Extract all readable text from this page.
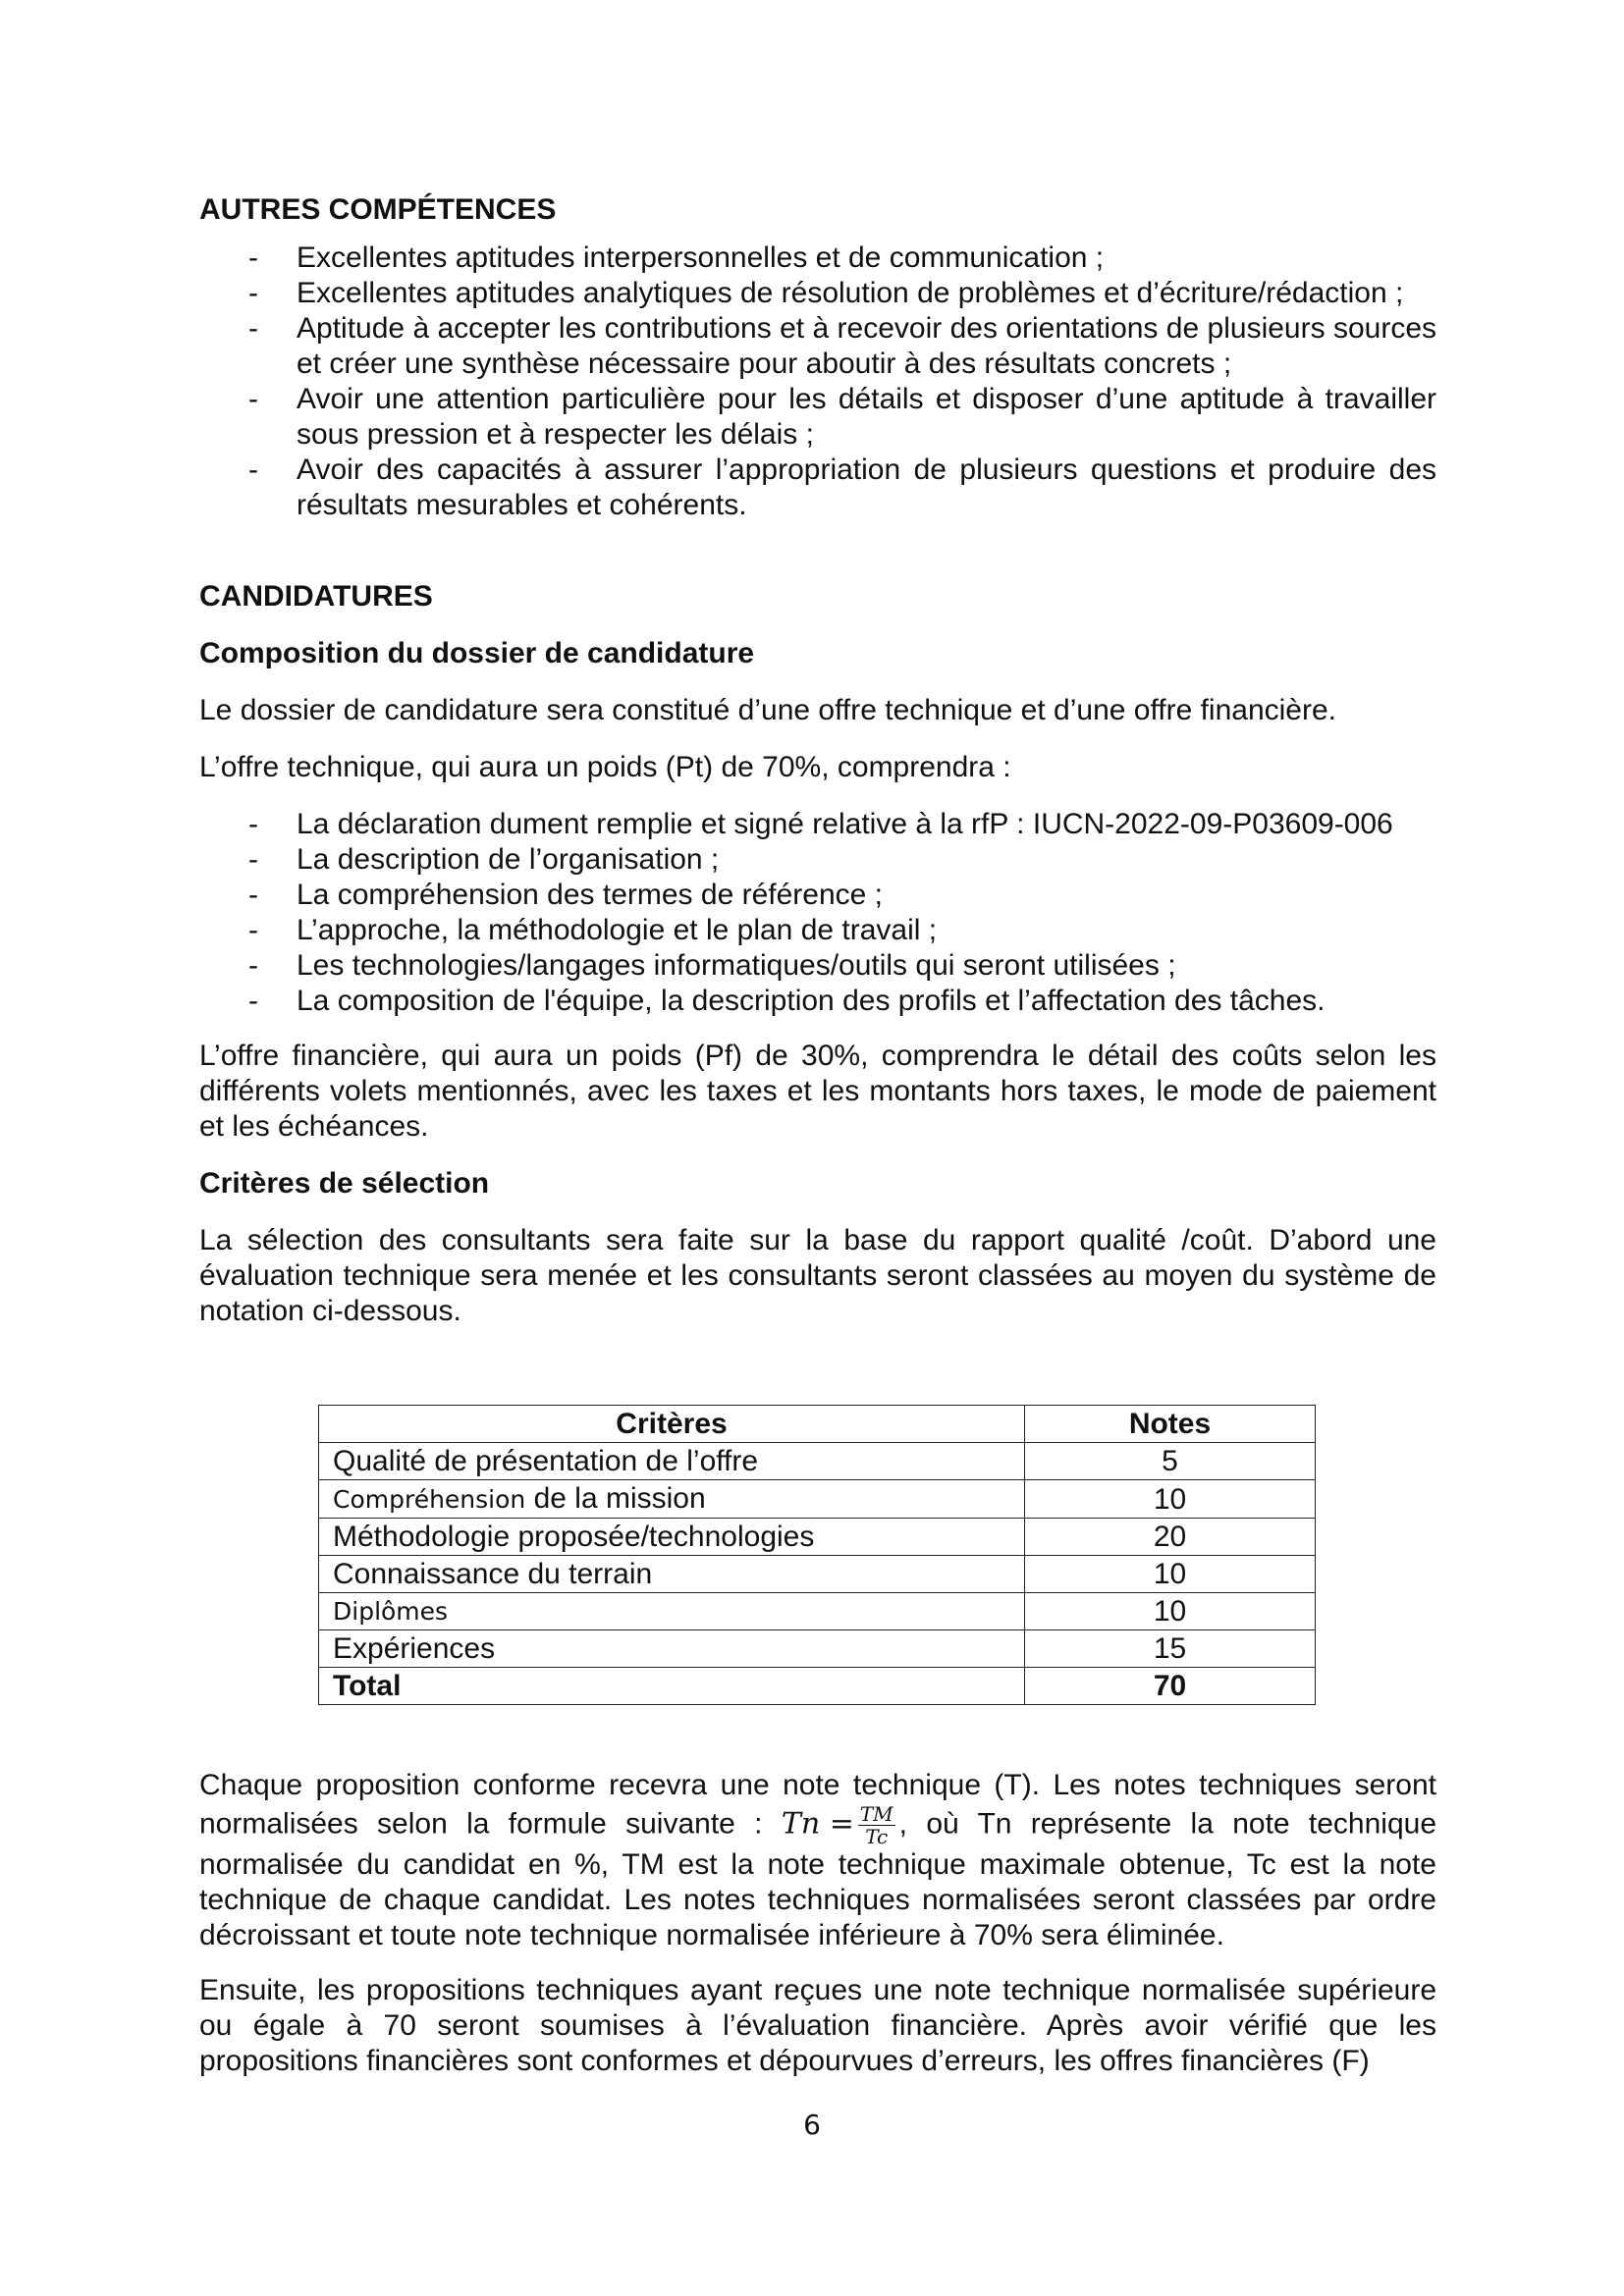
AUTRES COMPÉTENCES

- Excellentes aptitudes interpersonnelles et de communication ;
- Excellentes aptitudes analytiques de résolution de problèmes et d’écriture/rédaction ;
- Aptitude à accepter les contributions et à recevoir des orientations de plusieurs sources et créer une synthèse nécessaire pour aboutir à des résultats concrets ;
- Avoir une attention particulière pour les détails et disposer d’une aptitude à travailler sous pression et à respecter les délais ;
- Avoir des capacités à assurer l’appropriation de plusieurs questions et produire des résultats mesurables et cohérents.

CANDIDATURES

Composition du dossier de candidature

Le dossier de candidature sera constitué d’une offre technique et d’une offre financière.

L’offre technique, qui aura un poids (Pt) de 70%, comprendra :

- La déclaration dument remplie et signé relative à la rfP : IUCN-2022-09-P03609-006
- La description de l’organisation ;
- La compréhension des termes de référence ;
- L’approche, la méthodologie et le plan de travail ;
- Les technologies/langages informatiques/outils qui seront utilisées ;
- La composition de l'équipe, la description des profils et l’affectation des tâches.

L’offre financière, qui aura un poids (Pf) de 30%, comprendra le détail des coûts selon les différents volets mentionnés, avec les taxes et les montants hors taxes, le mode de paiement et les échéances.

Critères de sélection

La sélection des consultants sera faite sur la base du rapport qualité /coût. D’abord une évaluation technique sera menée et les consultants seront classées au moyen du système de notation ci-dessous.

Critères	Notes
Qualité de présentation de l’offre	5
Compréhension de la mission	10
Méthodologie proposée/technologies	20
Connaissance du terrain	10
Diplômes	10
Expériences	15
Total	70

Chaque proposition conforme recevra une note technique (T). Les notes techniques seront normalisées selon la formule suivante : $Tn = \frac{TM}{Tc}$ , où Tn représente la note technique normalisée du candidat en %, TM est la note technique maximale obtenue, Tc est la note technique de chaque candidat. Les notes techniques normalisées seront classées par ordre décroissant et toute note technique normalisée inférieure à 70% sera éliminée.

Ensuite, les propositions techniques ayant reçues une note technique normalisée supérieure ou égale à 70 seront soumises à l’évaluation financière. Après avoir vérifié que les propositions financières sont conformes et dépourvues d’erreurs, les offres financières (F)

6
